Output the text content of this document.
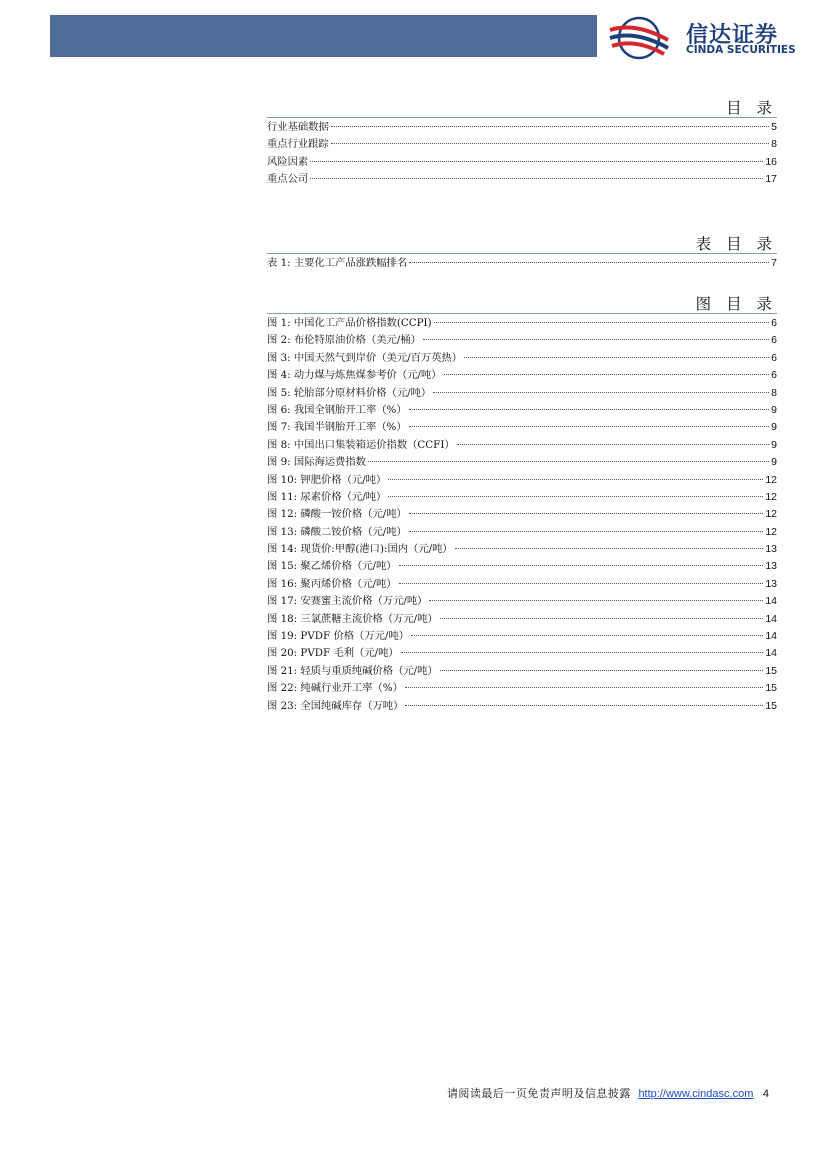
信达证券
CINDA SECURITIES
目 录
行业基础数据	5
重点行业跟踪	8
风险因素	16
重点公司	17
表 目 录
表 1: 主要化工产品涨跌幅排名	7
图 目 录
图 1: 中国化工产品价格指数(CCPI)	6
图 2: 布伦特原油价格（美元/桶）	6
图 3: 中国天然气到岸价（美元/百万英热）	6
图 4: 动力煤与炼焦煤参考价（元/吨）	6
图 5: 轮胎部分原材料价格（元/吨）	8
图 6: 我国全钢胎开工率（%）	9
图 7: 我国半钢胎开工率（%）	9
图 8: 中国出口集装箱运价指数（CCFI）	9
图 9: 国际海运费指数	9
图 10: 钾肥价格（元/吨）	12
图 11: 尿素价格（元/吨）	12
图 12: 磷酸一铵价格（元/吨）	12
图 13: 磷酸二铵价格（元/吨）	12
图 14: 现货价:甲醇(港口):国内（元/吨）	13
图 15: 聚乙烯价格（元/吨）	13
图 16: 聚丙烯价格（元/吨）	13
图 17: 安赛蜜主流价格（万元/吨）	14
图 18: 三氯蔗糖主流价格（万元/吨）	14
图 19: PVDF 价格（万元/吨）	14
图 20: PVDF 毛利（元/吨）	14
图 21: 轻质与重质纯碱价格（元/吨）	15
图 22: 纯碱行业开工率（%）	15
图 23: 全国纯碱库存（万吨）	15
请阅读最后一页免责声明及信息披露 http://www.cindasc.com 4
